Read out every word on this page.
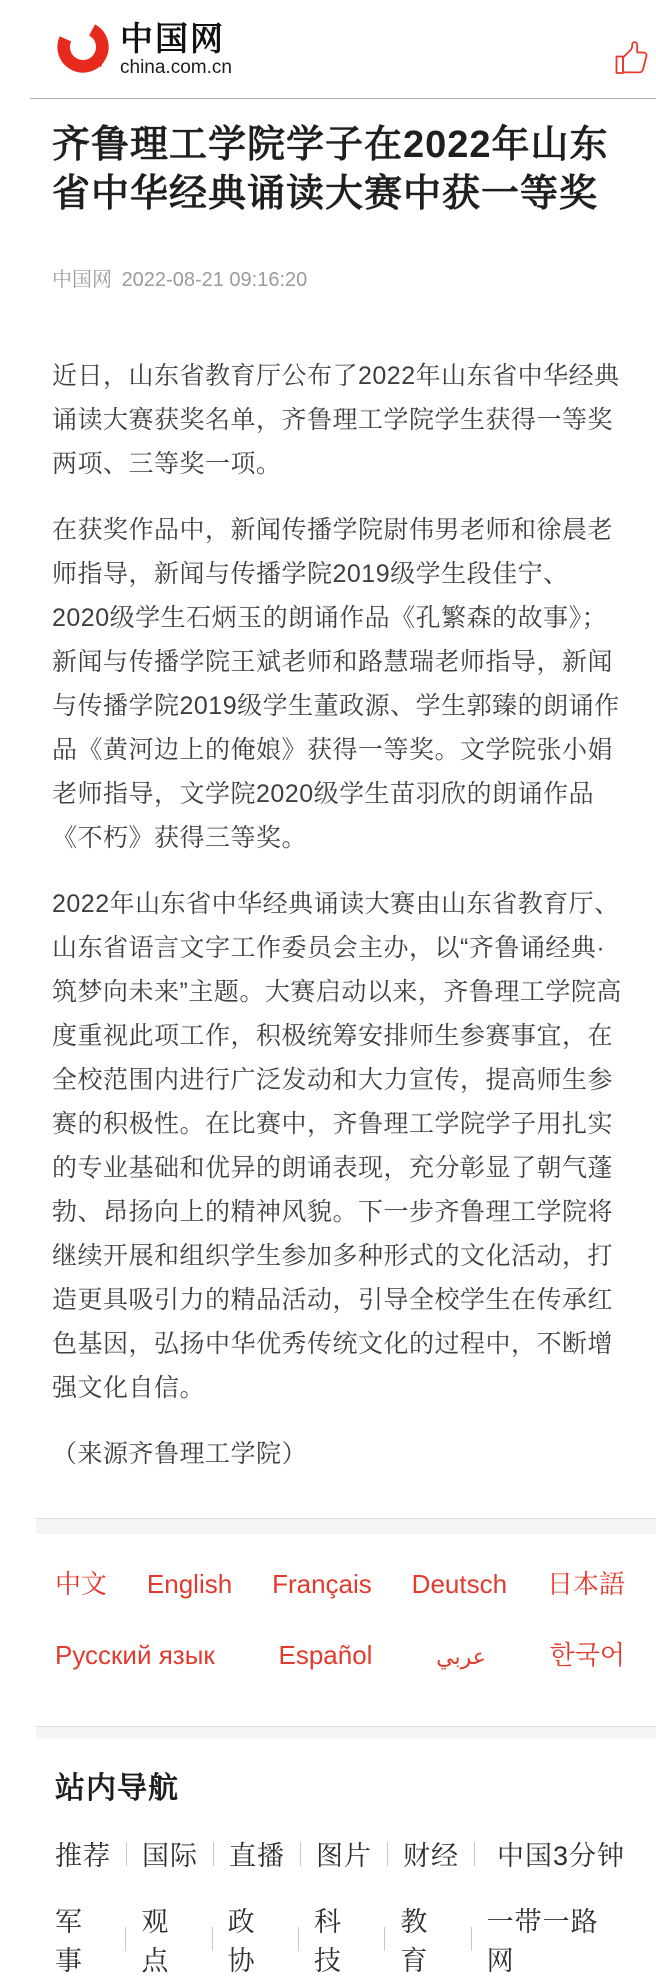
中国网
china.com.cn
齐鲁理工学院学子在2022年山东省中华经典诵读大赛中获一等奖
中国网 2022-08-21 09:16:20

近日，山东省教育厅公布了2022年山东省中华经典诵读大赛获奖名单，齐鲁理工学院学生获得一等奖两项、三等奖一项。

在获奖作品中，新闻传播学院尉伟男老师和徐晨老师指导，新闻与传播学院2019级学生段佳宁、2020级学生石炳玉的朗诵作品《孔繁森的故事》；新闻与传播学院王斌老师和路慧瑞老师指导，新闻与传播学院2019级学生董政源、学生郭臻的朗诵作品《黄河边上的俺娘》获得一等奖。文学院张小娟老师指导，文学院2020级学生苗羽欣的朗诵作品《不朽》获得三等奖。

2022年山东省中华经典诵读大赛由山东省教育厅、山东省语言文字工作委员会主办，以“齐鲁诵经典·筑梦向未来”主题。大赛启动以来，齐鲁理工学院高度重视此项工作，积极统筹安排师生参赛事宜，在全校范围内进行广泛发动和大力宣传，提高师生参赛的积极性。在比赛中，齐鲁理工学院学子用扎实的专业基础和优异的朗诵表现，充分彰显了朝气蓬勃、昂扬向上的精神风貌。下一步齐鲁理工学院将继续开展和组织学生参加多种形式的文化活动，打造更具吸引力的精品活动，引导全校学生在传承红色基因，弘扬中华优秀传统文化的过程中，不断增强文化自信。

（来源齐鲁理工学院）

中文 English Français Deutsch 日本語
Русский язык Español	عربي 한국어
站内导航
推荐 国际 直播 图片 财经 中国3分钟
军事
观点
政协
科技
教育
一带一路网
